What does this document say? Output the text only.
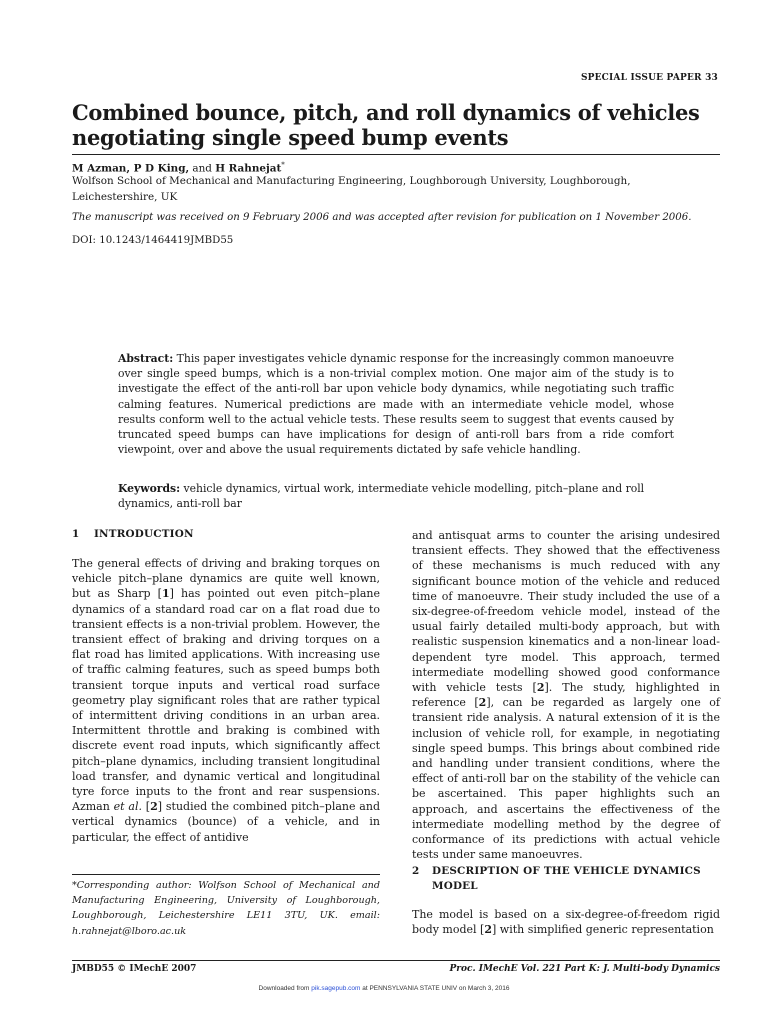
SPECIAL ISSUE PAPER 33
Combined bounce, pitch, and roll dynamics of vehicles negotiating single speed bump events
M Azman, P D King, and H Rahnejat*
Wolfson School of Mechanical and Manufacturing Engineering, Loughborough University, Loughborough, Leichestershire, UK
The manuscript was received on 9 February 2006 and was accepted after revision for publication on 1 November 2006.
DOI: 10.1243/1464419JMBD55

Abstract: This paper investigates vehicle dynamic response for the increasingly common manoeuvre over single speed bumps, which is a non-trivial complex motion. One major aim of the study is to investigate the effect of the anti-roll bar upon vehicle body dynamics, while negotiating such traffic calming features. Numerical predictions are made with an intermediate vehicle model, whose results conform well to the actual vehicle tests. These results seem to suggest that events caused by truncated speed bumps can have implications for design of anti-roll bars from a ride comfort viewpoint, over and above the usual requirements dictated by safe vehicle handling.

Keywords: vehicle dynamics, virtual work, intermediate vehicle modelling, pitch–plane and roll dynamics, anti-roll bar

1 INTRODUCTION
The general effects of driving and braking torques on vehicle pitch–plane dynamics are quite well known, but as Sharp [1] has pointed out even pitch–plane dynamics of a standard road car on a flat road due to transient effects is a non-trivial problem. However, the transient effect of braking and driving torques on a flat road has limited applications. With increasing use of traffic calming features, such as speed bumps both transient torque inputs and vertical road surface geometry play significant roles that are rather typical of intermittent driving conditions in an urban area. Intermittent throttle and braking is combined with discrete event road inputs, which significantly affect pitch–plane dynamics, including transient longitudinal load transfer, and dynamic vertical and longitudinal tyre force inputs to the front and rear suspensions. Azman et al. [2] studied the combined pitch–plane and vertical dynamics (bounce) of a vehicle, and in particular, the effect of antidive
and antisquat arms to counter the arising undesired transient effects. They showed that the effectiveness of these mechanisms is much reduced with any significant bounce motion of the vehicle and reduced time of manoeuvre. Their study included the use of a six-degree-of-freedom vehicle model, instead of the usual fairly detailed multi-body approach, but with realistic suspension kinematics and a non-linear load-dependent tyre model. This approach, termed intermediate modelling showed good conformance with vehicle tests [2]. The study, highlighted in reference [2], can be regarded as largely one of transient ride analysis. A natural extension of it is the inclusion of vehicle roll, for example, in negotiating single speed bumps. This brings about combined ride and handling under transient conditions, where the effect of anti-roll bar on the stability of the vehicle can be ascertained. This paper highlights such an approach, and ascertains the effectiveness of the intermediate modelling method by the degree of conformance of its predictions with actual vehicle tests under same manoeuvres.
2 DESCRIPTION OF THE VEHICLE DYNAMICS
MODEL
The model is based on a six-degree-of-freedom rigid body model [2] with simplified generic representation
*Corresponding author: Wolfson School of Mechanical and Manufacturing Engineering, University of Loughborough, Loughborough, Leichestershire LE11 3TU, UK. email: h.rahnejat@lboro.ac.uk
JMBD55 © IMechE 2007	Proc. IMechE Vol. 221 Part K: J. Multi-body Dynamics
Downloaded from pik.sagepub.com at PENNSYLVANIA STATE UNIV on March 3, 2016
